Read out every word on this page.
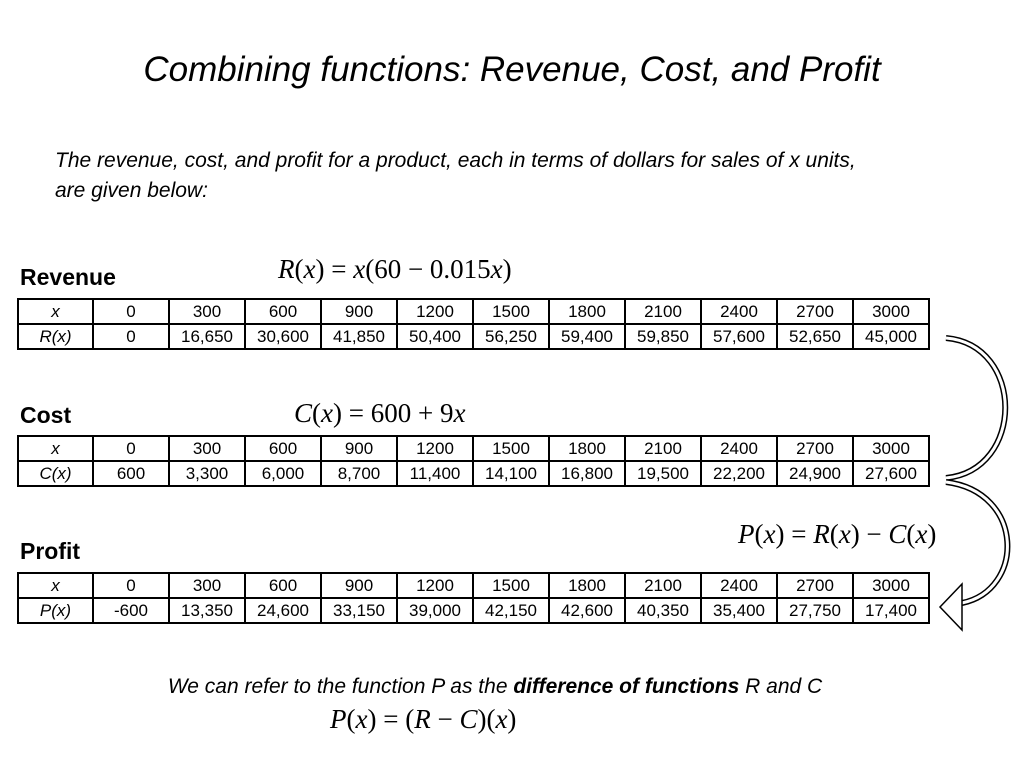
Combining functions: Revenue, Cost, and Profit
The revenue, cost, and profit for a product, each in terms of dollars for sales of x units, are given below:
Revenue	R(x) = x(60 − 0.015x)
x	0	300	600	900	1200	1500	1800	2100	2400	2700	3000
R(x)	0	16,650	30,600	41,850	50,400	56,250	59,400	59,850	57,600	52,650	45,000
Cost	C(x) = 600 + 9x
x	0	300	600	900	1200	1500	1800	2100	2400	2700	3000
C(x)	600	3,300	6,000	8,700	11,400	14,100	16,800	19,500	22,200	24,900	27,600
Profit
P(x) = R(x) − C(x)
x	0	300	600	900	1200	1500	1800	2100	2400	2700	3000
P(x)	-600	13,350	24,600	33,150	39,000	42,150	42,600	40,350	35,400	27,750	17,400
We can refer to the function P as the difference of functions R and C
P(x) = (R − C)(x)
